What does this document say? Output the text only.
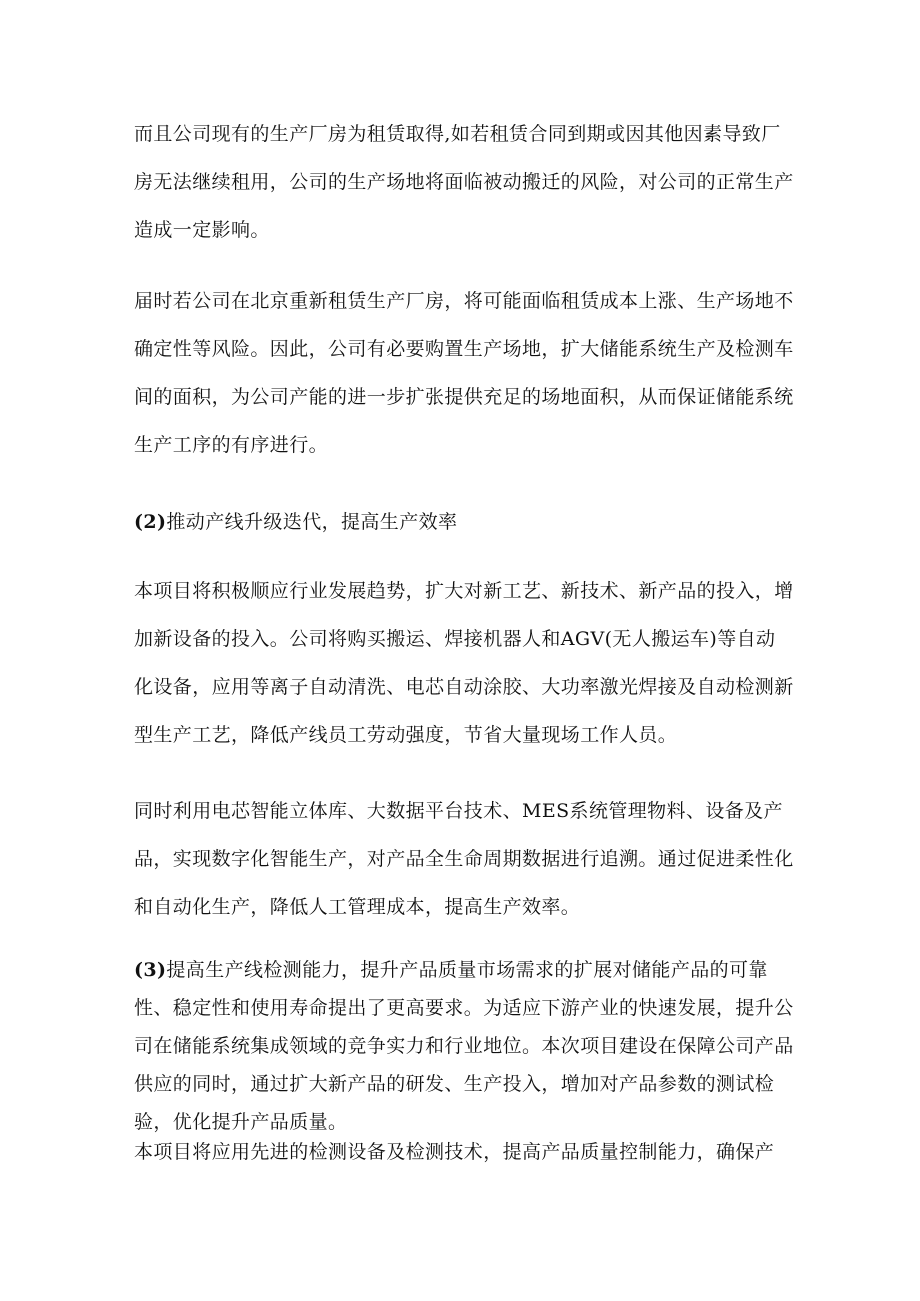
而且公司现有的生产厂房为租赁取得,如若租赁合同到期或因其他因素导致厂房无法继续租用，公司的生产场地将面临被动搬迁的风险，对公司的正常生产造成一定影响。

届时若公司在北京重新租赁生产厂房，将可能面临租赁成本上涨、生产场地不确定性等风险。因此，公司有必要购置生产场地，扩大储能系统生产及检测车间的面积，为公司产能的进一步扩张提供充足的场地面积，从而保证储能系统生产工序的有序进行。

(2)推动产线升级迭代，提高生产效率

本项目将积极顺应行业发展趋势，扩大对新工艺、新技术、新产品的投入，增加新设备的投入。公司将购买搬运、焊接机器人和AGV(无人搬运车)等自动化设备，应用等离子自动清洗、电芯自动涂胶、大功率激光焊接及自动检测新型生产工艺，降低产线员工劳动强度，节省大量现场工作人员。

同时利用电芯智能立体库、大数据平台技术、MES系统管理物料、设备及产品，实现数字化智能生产，对产品全生命周期数据进行追溯。通过促进柔性化和自动化生产，降低人工管理成本，提高生产效率。

(3)提高生产线检测能力，提升产品质量市场需求的扩展对储能产品的可靠性、稳定性和使用寿命提出了更高要求。为适应下游产业的快速发展，提升公司在储能系统集成领域的竞争实力和行业地位。本次项目建设在保障公司产品供应的同时，通过扩大新产品的研发、生产投入，增加对产品参数的测试检验，优化提升产品质量。

本项目将应用先进的检测设备及检测技术，提高产品质量控制能力，确保产
